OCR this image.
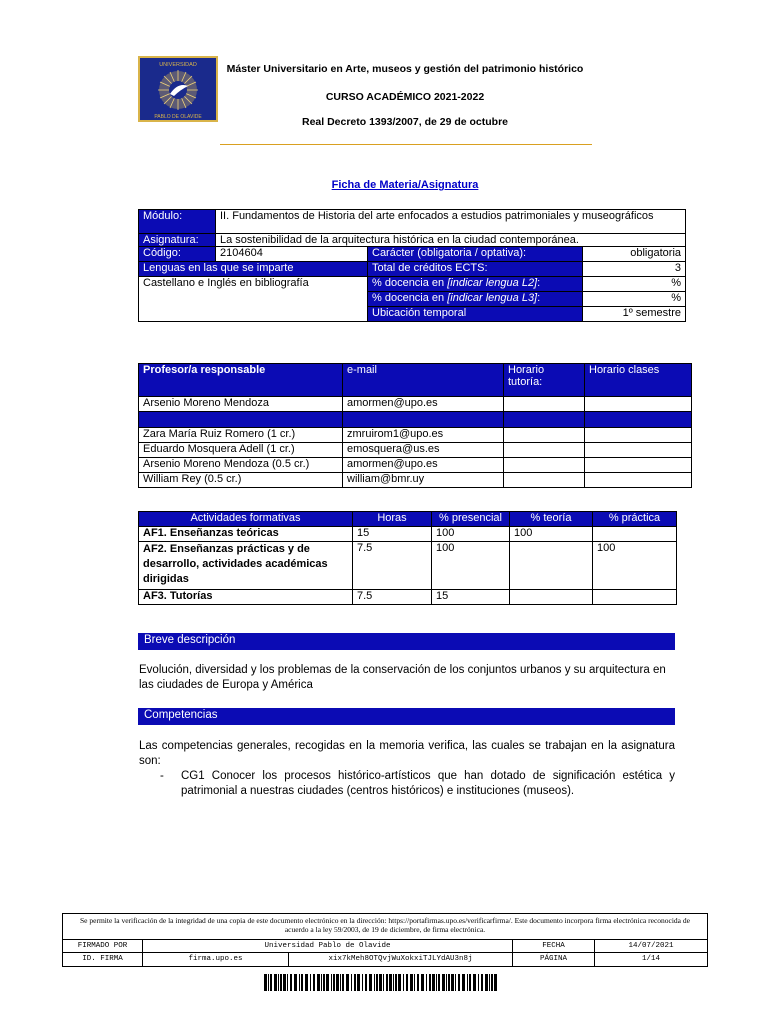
UNIVERSIDAD
PABLO DE OLAVIDE
Máster Universitario en Arte, museos y gestión del patrimonio histórico
CURSO ACADÉMICO 2021-2022
Real Decreto 1393/2007, de 29 de octubre
Ficha de Materia/Asignatura
Módulo:	II. Fundamentos de Historia del arte enfocados a estudios patrimoniales y museográficos		
Asignatura:	La sostenibilidad de la arquitectura histórica en la ciudad contemporánea.		
Código:	2104604	Carácter (obligatoria / optativa):	obligatoria
Lenguas en las que se imparte		Total de créditos ECTS:	3
Castellano e Inglés en bibliografía		% docencia en [indicar lengua L2]:	%
		% docencia en [indicar lengua L3]:	%
		Ubicación temporal	1º semestre
Profesor/a responsable	e-mail	Horario tutoría:	Horario clases
Arsenio Moreno Mendoza	amormen@upo.es		

Zara María Ruiz Romero (1 cr.)	zmruirom1@upo.es		
Eduardo Mosquera Adell (1 cr.)	emosquera@us.es		
Arsenio Moreno Mendoza (0.5 cr.)	amormen@upo.es		
William Rey (0.5 cr.)	william@bmr.uy		
Actividades formativas	Horas	% presencial	% teoría	% práctica
AF1. Enseñanzas teóricas	15	100	100	
AF2. Enseñanzas prácticas y de desarrollo, actividades académicas dirigidas	7.5	100		100
AF3. Tutorías	7.5	15		
Breve descripción
Evolución, diversidad y los problemas de la conservación de los conjuntos urbanos y su arquitectura en las ciudades de Europa y América
Competencias
Las competencias generales, recogidas en la memoria verifica, las cuales se trabajan en la asignatura son:
- CG1 Conocer los procesos histórico-artísticos que han dotado de significación estética y patrimonial a nuestras ciudades (centros históricos) e instituciones (museos).
Se permite la verificación de la integridad de una copia de este documento electrónico en la dirección: https://portafirmas.upo.es/verificarfirma/. Este documento incorpora firma electrónica reconocida de acuerdo a la ley 59/2003, de 19 de diciembre, de firma electrónica.
FIRMADO POR	Universidad Pablo de Olavide	FECHA	14/07/2021
ID. FIRMA	firma.upo.es	xix7kMeh8OTQvjWuXokxiTJLYdAU3n8j	PÁGINA	1/14
